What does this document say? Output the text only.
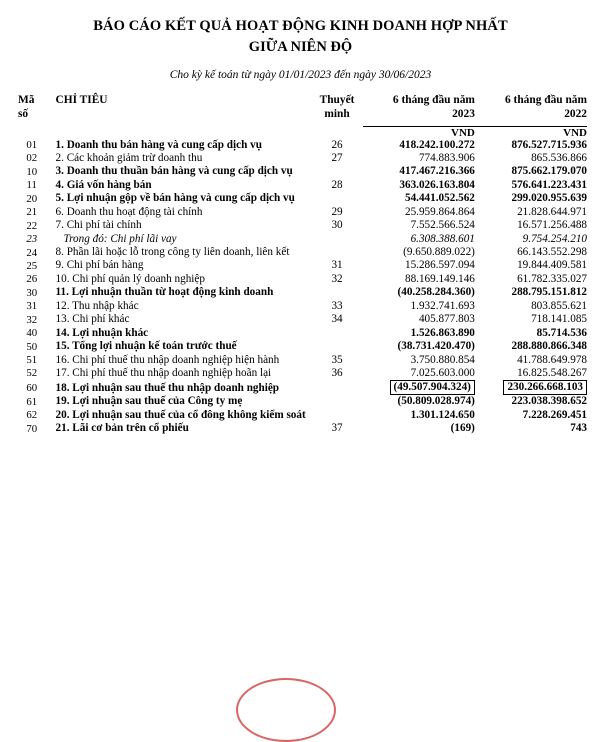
BÁO CÁO KẾT QUẢ HOẠT ĐỘNG KINH DOANH HỢP NHẤT
GIỮA NIÊN ĐỘ
Cho kỳ kế toán từ ngày 01/01/2023 đến ngày 30/06/2023
Mã
số
	CHỈ TIÊU	Thuyết
minh

6 tháng đầu năm
2023

6 tháng đầu năm
2022

			VND	VND
01	1. Doanh thu bán hàng và cung cấp dịch vụ	26	418.242.100.272	876.527.715.936
02	2. Các khoản giảm trừ doanh thu	27	774.883.906	865.536.866
10	3. Doanh thu thuần bán hàng và cung cấp dịch vụ		417.467.216.366	875.662.179.070
11	4. Giá vốn hàng bán	28	363.026.163.804	576.641.223.431
20	5. Lợi nhuận gộp về bán hàng và cung cấp dịch vụ		54.441.052.562	299.020.955.639
21	6. Doanh thu hoạt động tài chính	29	25.959.864.864	21.828.644.971
22	7. Chi phí tài chính	30	7.552.566.524	16.571.256.488
23	Trong đó: Chi phí lãi vay		6.308.388.601	9.754.254.210
24	8. Phần lãi hoặc lỗ trong công ty liên doanh, liên kết		(9.650.889.022)	66.143.552.298
25	9. Chi phí bán hàng	31	15.286.597.094	19.844.409.581
26	10. Chi phí quản lý doanh nghiệp	32	88.169.149.146	61.782.335.027
30	11. Lợi nhuận thuần từ hoạt động kinh doanh		(40.258.284.360)	288.795.151.812
31	12. Thu nhập khác	33	1.932.741.693	803.855.621
32	13. Chi phí khác	34	405.877.803	718.141.085
40	14. Lợi nhuận khác		1.526.863.890	85.714.536
50	15. Tổng lợi nhuận kế toán trước thuế		(38.731.420.470)	288.880.866.348
51	16. Chi phí thuế thu nhập doanh nghiệp hiện hành	35	3.750.880.854	41.788.649.978
52	17. Chi phí thuế thu nhập doanh nghiệp hoãn lại	36	7.025.603.000	16.825.548.267
60	18. Lợi nhuận sau thuế thu nhập doanh nghiệp		(49.507.904.324)	230.266.668.103
61	19. Lợi nhuận sau thuế của Công ty mẹ		(50.809.028.974)	223.038.398.652
62	20. Lợi nhuận sau thuế của cổ đông không kiểm soát		1.301.124.650	7.228.269.451
70	21. Lãi cơ bản trên cổ phiếu	37	(169)	743
